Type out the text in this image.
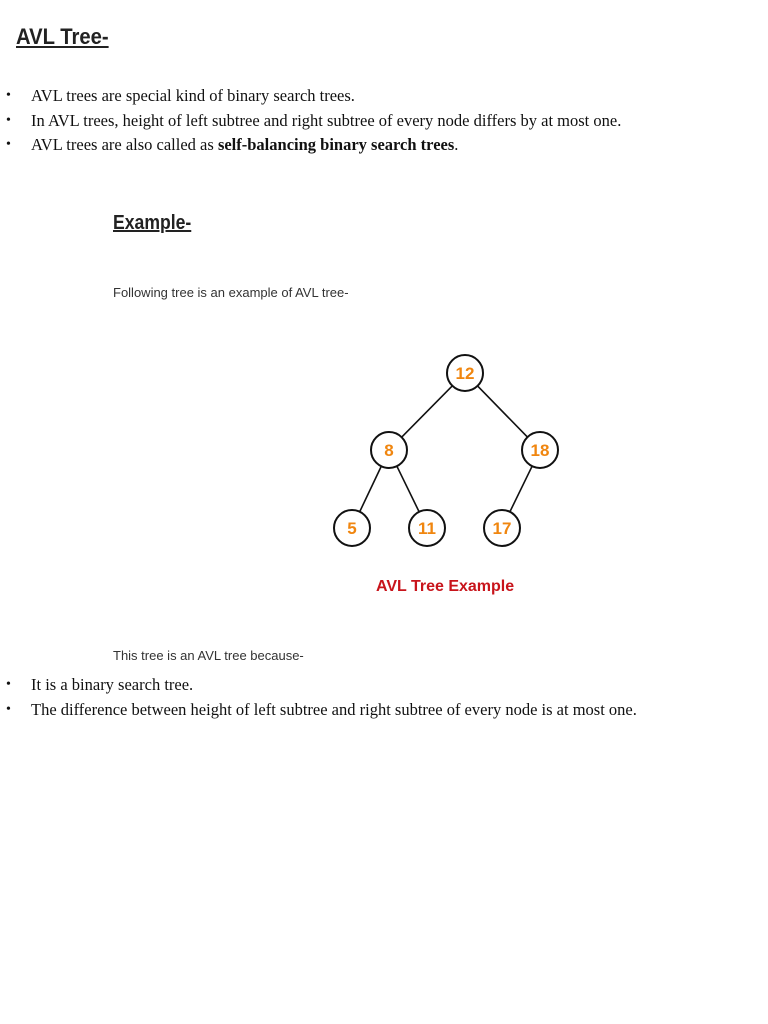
AVL Tree-
• AVL trees are special kind of binary search trees.
• In AVL trees, height of left subtree and right subtree of every node differs by at most one.
• AVL trees are also called as self-balancing binary search trees.
Example-

Following tree is an example of AVL tree-

12
8	18
5	11	17

AVL Tree Example

This tree is an AVL tree because-

• It is a binary search tree.
• The difference between height of left subtree and right subtree of every node is at most one.
